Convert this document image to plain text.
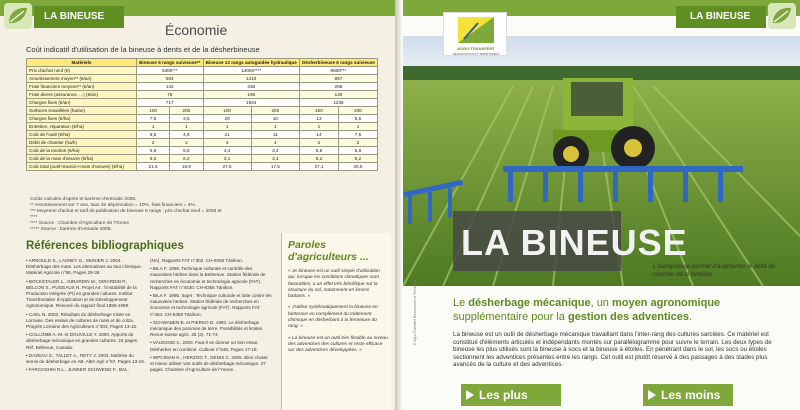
LA BINEUSE
Économie
Coût indicatif d'utilisation de la bineuse à dents et de la désherbineuse
Matériels	Bineuse 6 rangs suivieuse**		Bineuse 12 rangs autoguidée hydraulique		Désherbineuse 6 rangs suivieuse	
Prix d'achat neuf (€)	5300***		14000****		8600***	
Amortissement moyen** (€/an)	504		1410		857	
Frais financiers moyens** (€/an)	142		338		206	
Frais divers (assurance, ...) (€/an)	75		196		120	
Charges fixes (€/an)	717		1944		1236	
Surfaces travaillées (ha/an)	100	200	100	200	100	200
Charges fixes (€/ha)	7,5	3,6	20	10	13	6,5
Entretien, réparation (€/ha)	1	1	1	1	1	1
Coût de l'outil (€/ha)	8,5	4,6	21	11	14	7,5
Débit de chantier (ha/h)	2	2	4	4	2	2
Coût de la traction (€/ha)	5,8	5,8	3,4	3,4	5,8	5,8
Coût de la main d'oeuvre (€/ha)	6,2	6,2	3,1	3,1	6,2	6,2
Coût total (outil+traction+main d'oeuvre) (€/ha)	21,6	15,9	27,5	17,5	27,1	20,5
Coûts calculés d'après le barème d'entraide 2008.
** Amortissement sur 7 ans, taux de dépréciation = 10%, frais financiers = 4%.
*** Moyenne d'achat et tarif de publication de bineuse 6 rangs ; prix d'achat neuf = 2008 et ****
**** Source : Chambre d'Agriculture de l'Yonne
***** Source : barème d'entraide 2008.
Références bibliographiques
• ARNOULD S., LASNEY G., MUNIER J. 2004. Désherbage des maïs. Les alternatives au tout chimique. Matériel Agricole n°86, Pages 29-36.
• BOCKSTALER L., GIRARDIN M., GIRARDIN P., BELLON S., PUGEAUX N. Projet A4 : l'instabilité de la Production Intégrée (PI) en grandes cultures. Institut Transfrontalier d'Application et de Développement Agronomique. Résumé du rapport final 1996-1999.
• CAEL N. 2003. Résultats du désherbage mixte en Lorraine. Des essais de cultures de maïs et de colza. Progrès Lorraine des Agriculteurs n°303, Pages 13-15.
• COLLOMB A.-M. et DOUVILLE Y. 2000. Apports de désherbage mécanique en grandes cultures. 23 pages. Réf. Bellevue, Canada.
• DAZEAU S., TALLET A., RETY J. 2003. Maîtrise du semis de désherbage en AB. Alter Agri n°67, Pages 13-16.
• FARCOSHIN R.L., JUNKER SCHWENG F., BAL.
(NA). Rapports FAT n°302. CH-8356 Tänikon.
• BILA F. 1995. Technique culturale et contrôle des mauvaises herbes dans la Betterave. Station fédérale de recherches en économie et technologie agricole (FAT). Rapports FAT n°4430. CH-8356 Tänikon.
• BILA F. 1995. Sujet : Technique culturale et lutte contre les mauvaises herbes. Station fédérale de recherches en économie et technologie agricole (FAT). Rapports FAT n°464. CH-8356 Tänikon.
• SCHWABEN B. et PIERKO D. 1993. Le désherbage mécanique des pommes de terre. Possibilités et limites. Revue suisse agric. 25 (3). 71-74.
• VAUGOSE C. 2003. Faut-il se donner un bon essai. Désherber en combiné. Cultivar n°548, Pages 17-18.
• WPCIMAN K., HERZOG T., DENIS C. 2005. Bien choisir et mieux utiliser vos outils de désherbage mécanique. 27 pages. Chambre d'Agriculture de l'Yonne.
Paroles d'agriculteurs ...
« Je bineuse est un outil simple d'utilisation qui, lorsque les conditions climatiques sont favorables, a un effet très bénéfique sur la structure du sol, notamment en limons battants. »
« J'utilise systématiquement la bineuse en betterave en complément du traitement chimique en désherbant à la fermeture du rang. »
« La bineuse est un outil très flexible au niveau des adventices des cultures et reste efficace sur des adventices développées. »
LA BINEUSE
AGRO-TRANSFERT
RESSOURCES ET TERRITOIRES
LA BINEUSE
L'autoguidage permet d'augmenter le débit de chantier de la bineuse.
© Agro-Transfert Ressources et Territoires	Le désherbage mécanique, un moyen agronomique supplémentaire pour la gestion des adventices.
La bineuse est un outil de désherbage mécanique travaillant dans l'inter-rang des cultures sarclées. Ce matériel est constitué d'éléments articulés et indépendants montés sur parallélogramme pour suivre le terrain. Les deux types de bineuse les plus utilisés sont la bineuse à socs et la bineuse à étoiles. En pénétrant dans le sol, les socs ou étoiles sectionnent les adventices présentes entre les rangs. Cet outil est plutôt réservé à des passages à des stades plus avancés de la culture et des adventices.
Les plus	Les moins
